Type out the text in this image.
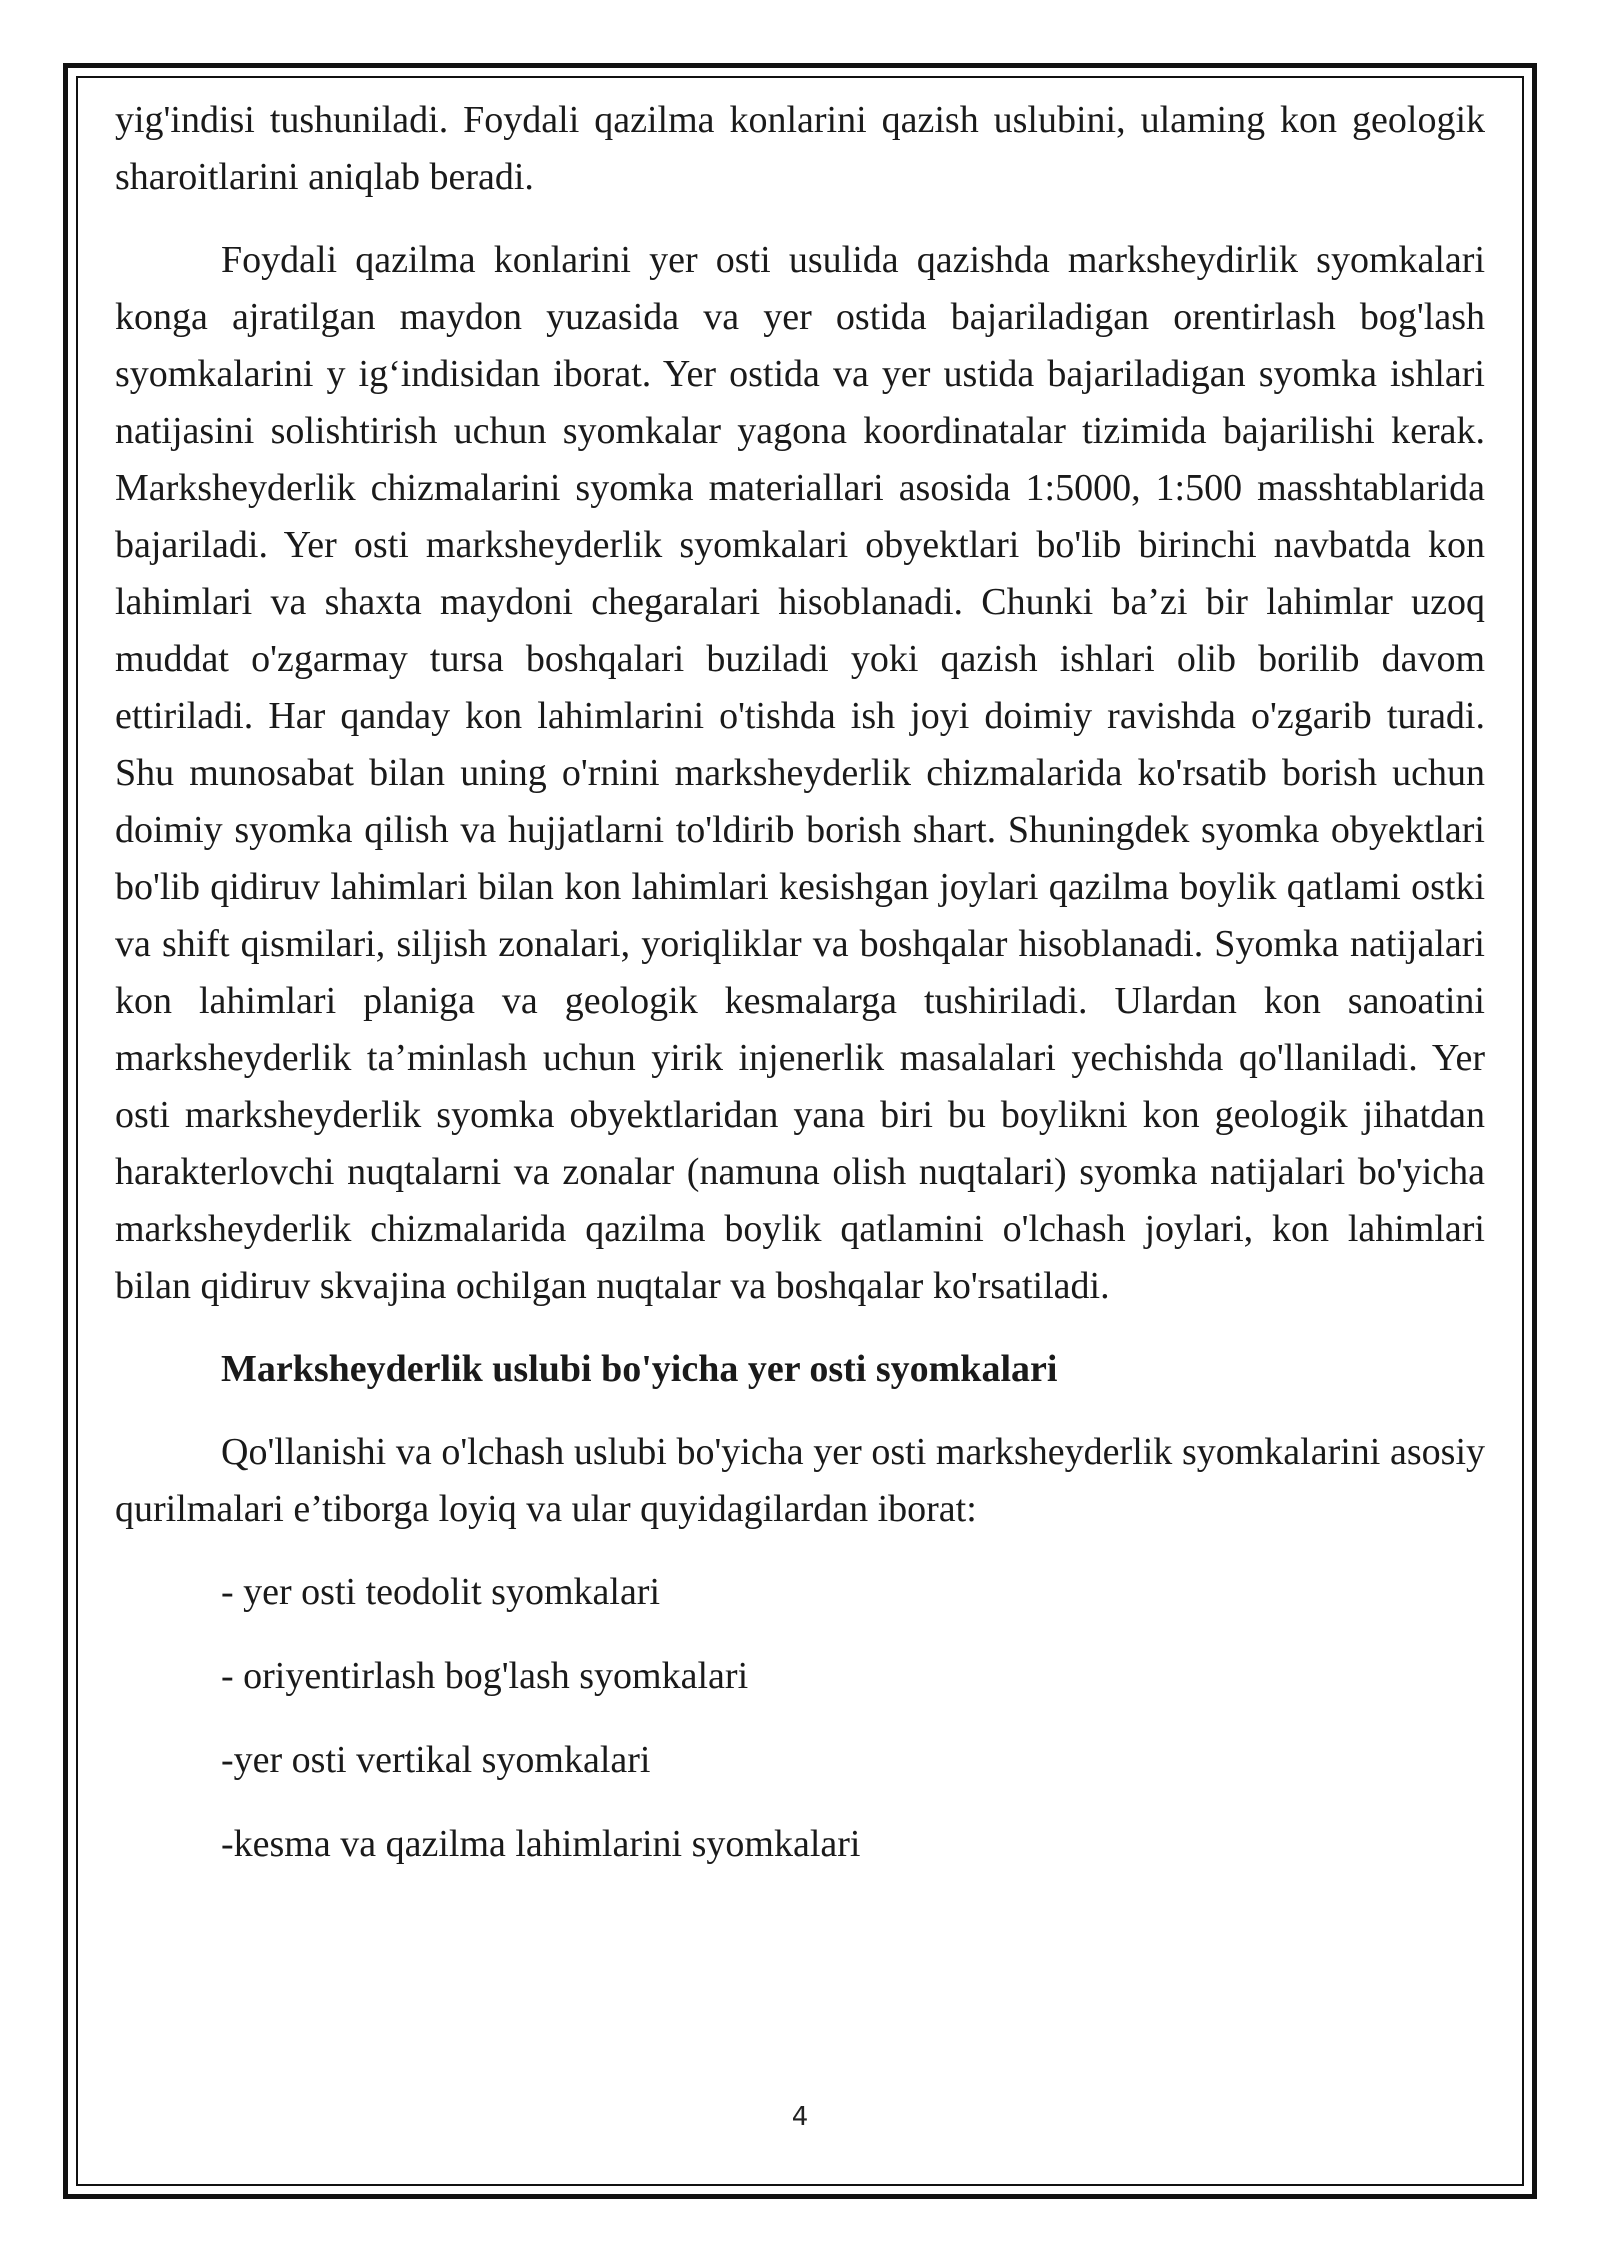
yig'indisi tushuniladi. Foydali qazilma konlarini qazish uslubini, ulaming kon geologik sharoitlarini aniqlab beradi.

Foydali qazilma konlarini yer osti usulida qazishda marksheydirlik syomkalari konga ajratilgan maydon yuzasida va yer ostida bajariladigan orentirlash bog'lash syomkalarini y ig‘indisidan iborat. Yer ostida va yer ustida bajariladigan syomka ishlari natijasini solishtirish uchun syomkalar yagona koordinatalar tizimida bajarilishi kerak. Marksheyderlik chizmalarini syomka materiallari asosida 1:5000, 1:500 masshtablarida bajariladi. Yer osti marksheyderlik syomkalari obyektlari bo'lib birinchi navbatda kon lahimlari va shaxta maydoni chegaralari hisoblanadi. Chunki ba’zi bir lahimlar uzoq muddat o'zgarmay tursa boshqalari buziladi yoki qazish ishlari olib borilib davom ettiriladi. Har qanday kon lahimlarini o'tishda ish joyi doimiy ravishda o'zgarib turadi. Shu munosabat bilan uning o'rnini marksheyderlik chizmalarida ko'rsatib borish uchun doimiy syomka qilish va hujjatlarni to'ldirib borish shart. Shuningdek syomka obyektlari bo'lib qidiruv lahimlari bilan kon lahimlari kesishgan joylari qazilma boylik qatlami ostki va shift qismilari, siljish zonalari, yoriqliklar va boshqalar hisoblanadi. Syomka natijalari kon lahimlari planiga va geologik kesmalarga tushiriladi. Ulardan kon sanoatini marksheyderlik ta’minlash uchun yirik injenerlik masalalari yechishda qo'llaniladi. Yer osti marksheyderlik syomka obyektlaridan yana biri bu boylikni kon geologik jihatdan harakterlovchi nuqtalarni va zonalar (namuna olish nuqtalari) syomka natijalari bo'yicha marksheyderlik chizmalarida qazilma boylik qatlamini o'lchash joylari, kon lahimlari bilan qidiruv skvajina ochilgan nuqtalar va boshqalar ko'rsatiladi.

Marksheyderlik uslubi bo'yicha yer osti syomkalari

Qo'llanishi va o'lchash uslubi bo'yicha yer osti marksheyderlik syomkalarini asosiy qurilmalari e’tiborga loyiq va ular quyidagilardan iborat:

- yer osti teodolit syomkalari
- oriyentirlash bog'lash syomkalari
-yer osti vertikal syomkalari
-kesma va qazilma lahimlarini syomkalari
4
